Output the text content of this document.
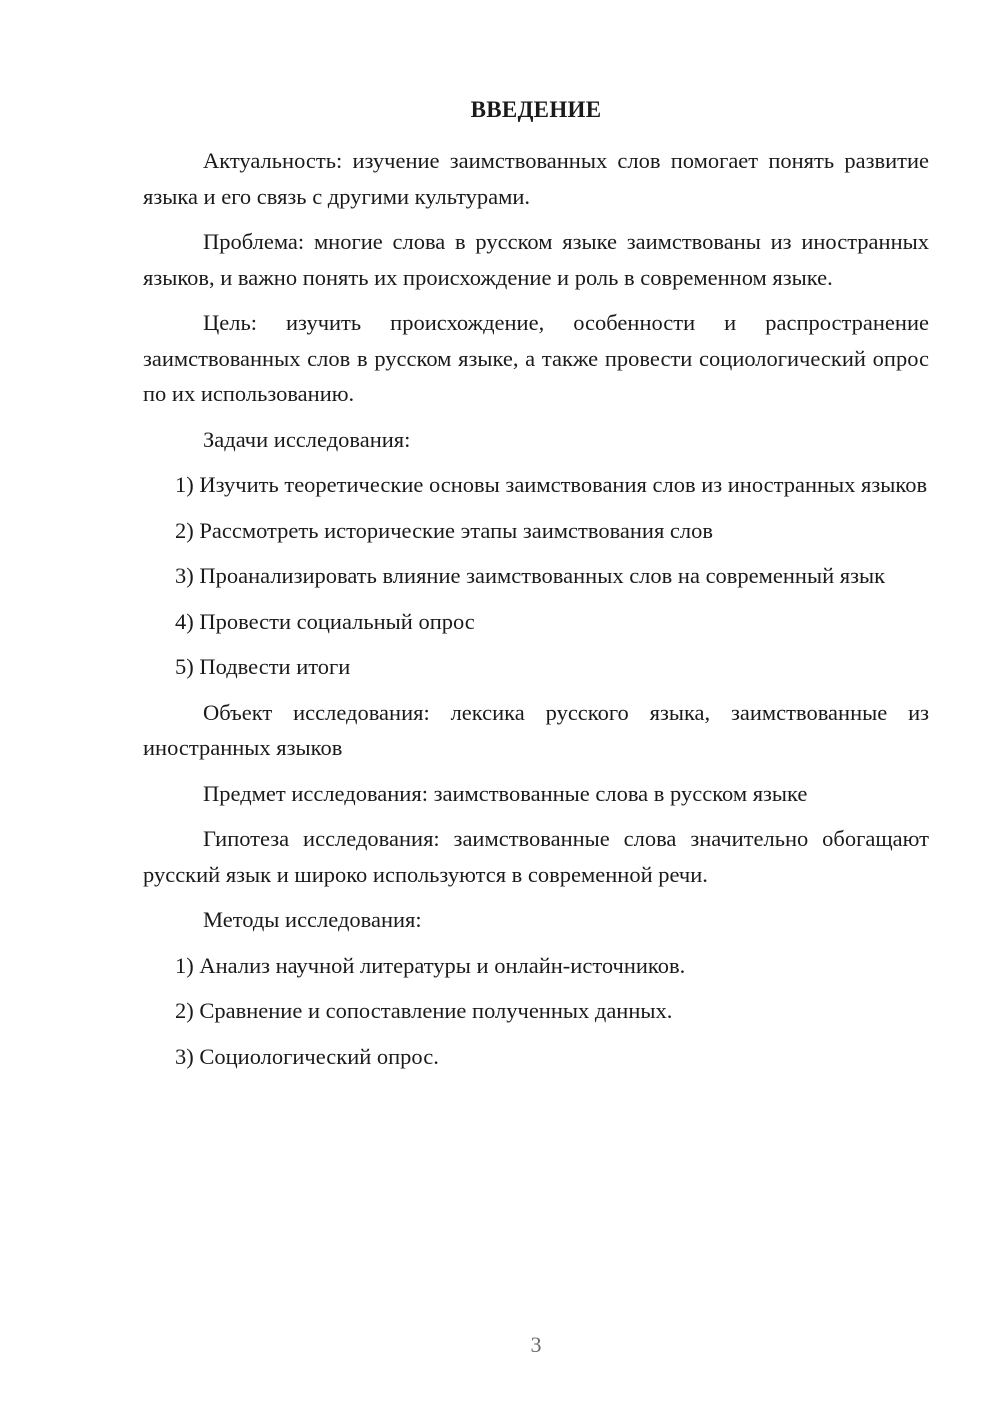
ВВЕДЕНИЕ

Актуальность: изучение заимствованных слов помогает понять развитие языка и его связь с другими культурами.

Проблема: многие слова в русском языке заимствованы из иностранных языков, и важно понять их происхождение и роль в современном языке.

Цель: изучить происхождение, особенности и распространение заимствованных слов в русском языке, а также провести социологический опрос по их использованию.

Задачи исследования:

1) Изучить теоретические основы заимствования слов из иностранных языков

2) Рассмотреть исторические этапы заимствования слов

3) Проанализировать влияние заимствованных слов на современный язык

4) Провести социальный опрос

5) Подвести итоги

Объект исследования: лексика русского языка, заимствованные из иностранных языков

Предмет исследования: заимствованные слова в русском языке

Гипотеза исследования: заимствованные слова значительно обогащают русский язык и широко используются в современной речи.

Методы исследования:

1) Анализ научной литературы и онлайн-источников.

2) Сравнение и сопоставление полученных данных.

3) Социологический опрос.

3
